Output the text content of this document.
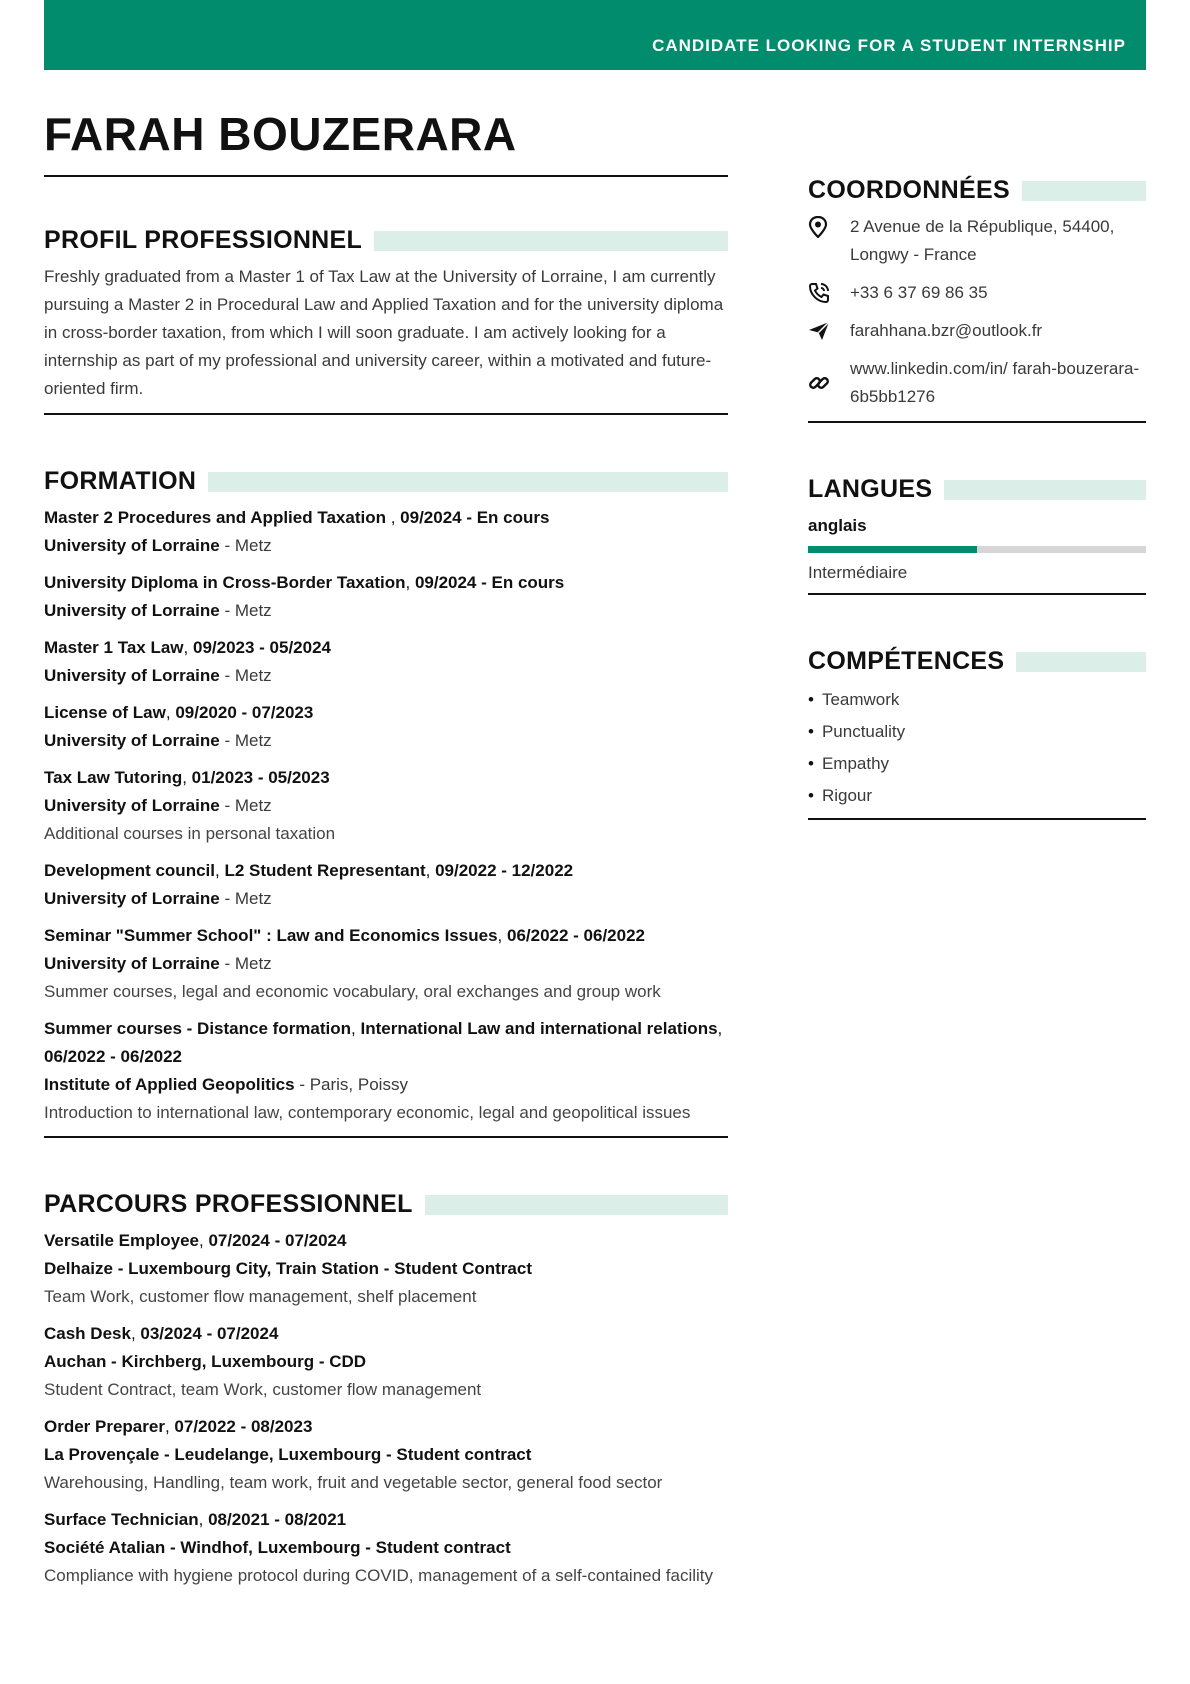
CANDIDATE LOOKING FOR A STUDENT INTERNSHIP
FARAH BOUZERARA
PROFIL PROFESSIONNEL

Freshly graduated from a Master 1 of Tax Law at the University of Lorraine, I am currently pursuing a Master 2 in Procedural Law and Applied Taxation and for the university diploma in cross-border taxation, from which I will soon graduate. I am actively looking for a internship as part of my professional and university career, within a motivated and future-oriented firm.

FORMATION
Master 2 Procedures and Applied Taxation , 09/2024 - En cours
University of Lorraine - Metz
University Diploma in Cross-Border Taxation, 09/2024 - En cours
University of Lorraine - Metz
Master 1 Tax Law, 09/2023 - 05/2024
University of Lorraine - Metz
License of Law, 09/2020 - 07/2023
University of Lorraine - Metz
Tax Law Tutoring, 01/2023 - 05/2023
University of Lorraine - Metz
Additional courses in personal taxation
Development council, L2 Student Representant, 09/2022 - 12/2022
University of Lorraine - Metz
Seminar "Summer School" : Law and Economics Issues, 06/2022 - 06/2022
University of Lorraine - Metz
Summer courses, legal and economic vocabulary, oral exchanges and group work
Summer courses - Distance formation, International Law and international relations, 06/2022 - 06/2022
Institute of Applied Geopolitics - Paris, Poissy
Introduction to international law, contemporary economic, legal and geopolitical issues
PARCOURS PROFESSIONNEL
Versatile Employee, 07/2024 - 07/2024
Delhaize - Luxembourg City, Train Station - Student Contract
Team Work, customer flow management, shelf placement
Cash Desk, 03/2024 - 07/2024
Auchan - Kirchberg, Luxembourg - CDD
Student Contract, team Work, customer flow management
Order Preparer, 07/2022 - 08/2023
La Provençale - Leudelange, Luxembourg - Student contract
Warehousing, Handling, team work, fruit and vegetable sector, general food sector
Surface Technician, 08/2021 - 08/2021
Société Atalian - Windhof, Luxembourg - Student contract
Compliance with hygiene protocol during COVID, management of a self-contained facility
COORDONNÉES
2 Avenue de la République, 54400, Longwy - France
+33 6 37 69 86 35
farahhana.bzr@outlook.fr
www.linkedin.com/in/ farah-bouzerara-6b5bb1276
LANGUES
anglais
Intermédiaire
COMPÉTENCES
• Teamwork
• Punctuality
• Empathy
• Rigour
